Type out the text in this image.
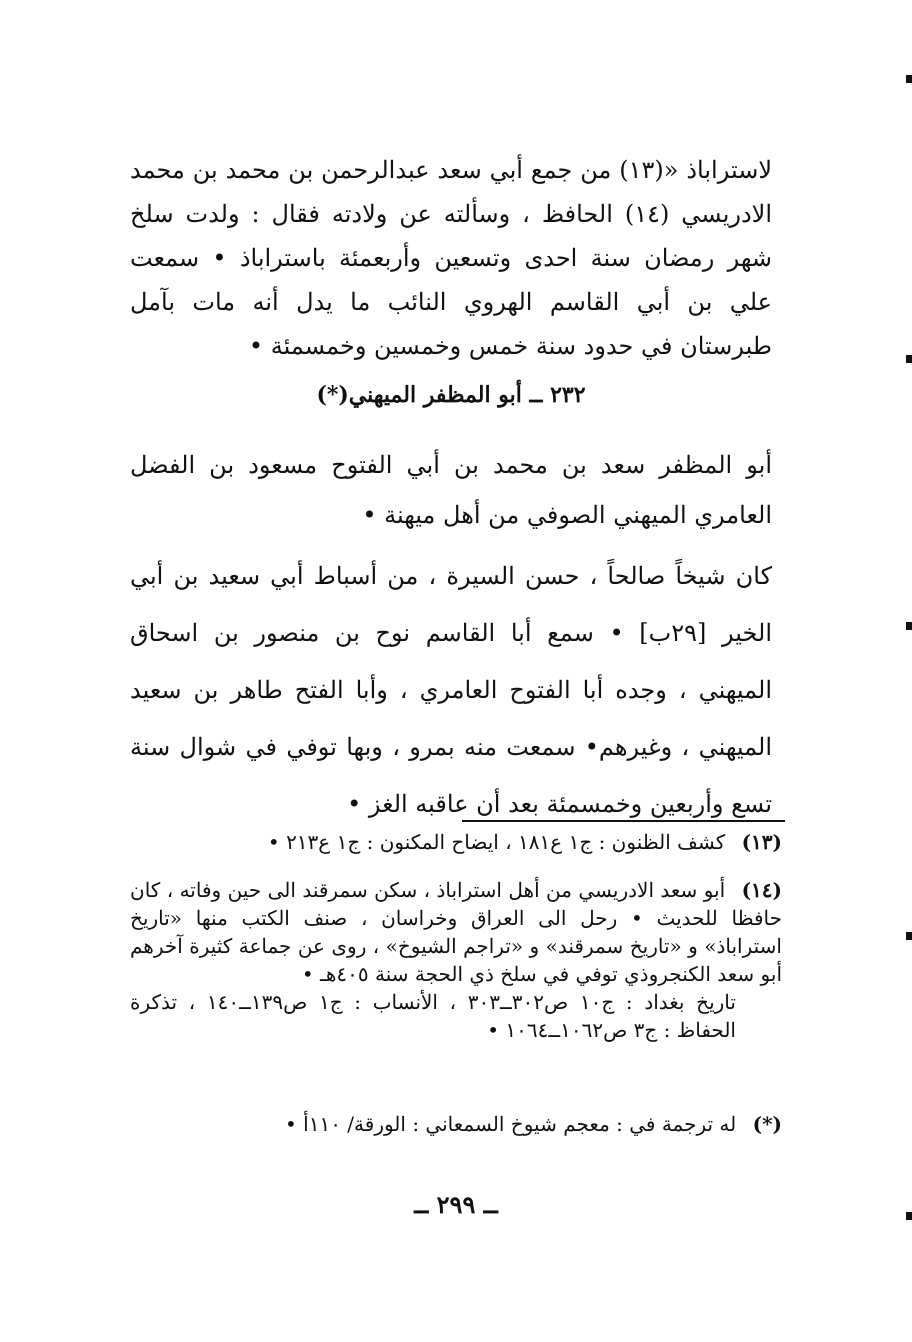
لاستراباذ «(١٣) من جمع أبي سعد عبدالرحمن بن محمد بن محمد الادريسي (١٤) الحافظ ، وسألته عن ولادته فقال : ولدت سلخ شهر رمضان سنة احدى وتسعين وأربعمئة باستراباذ • سمعت علي بن أبي القاسم الهروي النائب ما يدل أنه مات بآمل طبرستان في حدود سنة خمس وخمسين وخمسمئة •
٢٣٢ ــ أبو المظفر الميهني(*)
أبو المظفر سعد بن محمد بن أبي الفتوح مسعود بن الفضل العامري الميهني الصوفي من أهل ميهنة •
كان شيخاً صالحاً ، حسن السيرة ، من أسباط أبي سعيد بن أبي الخير [٢٩ب] • سمع أبا القاسم نوح بن منصور بن اسحاق الميهني ، وجده أبا الفتوح العامري ، وأبا الفتح طاهر بن سعيد الميهني ، وغيرهم• سمعت منه بمرو ، وبها توفي في شوال سنة تسع وأربعين وخمسمئة بعد أن عاقبه الغز •
(١٣) كشف الظنون : ج١ ع١٨١ ، ايضاح المكنون : ج١ ع٢١٣ •
(١٤) أبو سعد الادريسي من أهل استراباذ ، سكن سمرقند الى حين وفاته ، كان حافظا للحديث • رحل الى العراق وخراسان ، صنف الكتب منها «تاريخ استراباذ» و «تاريخ سمرقند» و «تراجم الشيوخ» ، روى عن جماعة كثيرة آخرهم أبو سعد الكنجروذي توفي في سلخ ذي الحجة سنة ٤٠٥هـ •
تاريخ بغداد : ج١٠ ص٣٠٢ــ٣٠٣ ، الأنساب : ج١ ص١٣٩ــ١٤٠ ، تذكرة الحفاظ : ج٣ ص١٠٦٢ــ١٠٦٤ •
(*) له ترجمة في : معجم شيوخ السمعاني : الورقة/ ١١٠أ •
ــ ٢٩٩ ــ
